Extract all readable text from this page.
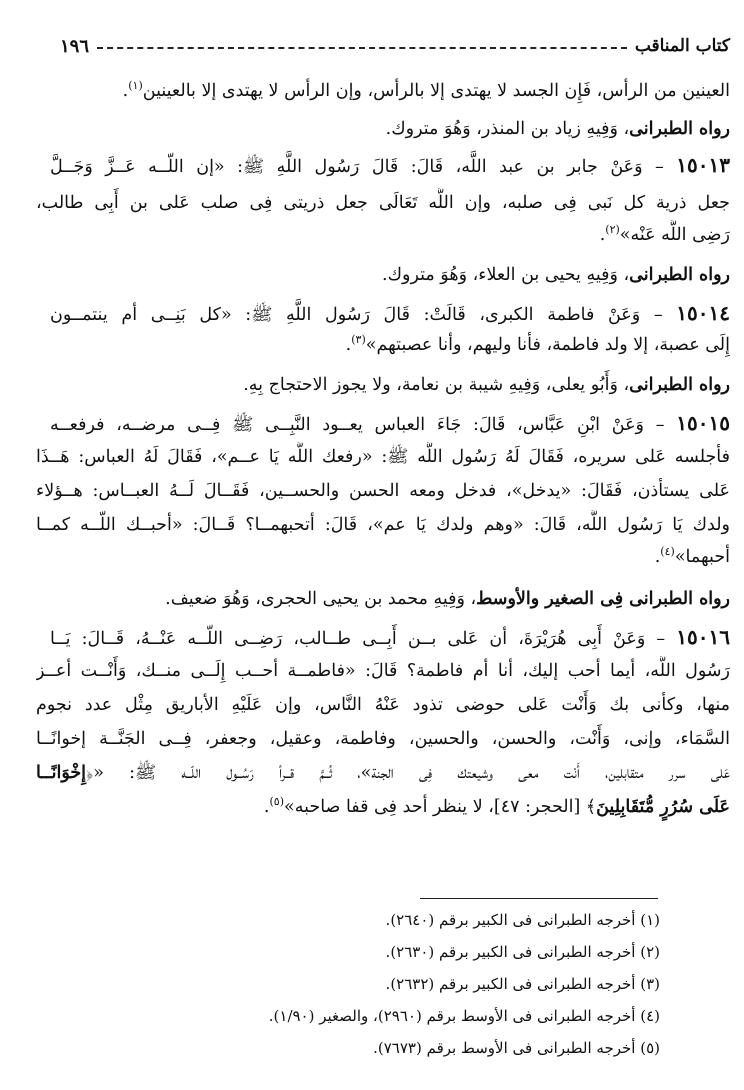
كتاب المناقب
١٩٦
العينين من الرأس، فَإِن الجسد لا يهتدى إلا بالرأس، وإن الرأس لا يهتدى إلا بالعينين$^{(١)}$.
رواه الطبرانى، وَفِيهِ زياد بن المنذر، وَهُوَ متروك.
١٥٠١٣ – وَعَنْ جابر بن عبد اللَّه، قَالَ: قَالَ رَسُول اللَّهِ ﷺ: «إن اللّــه عَــزَّ وَجَــلَّ
جعل ذرية كل نَبى فِى صلبه، وإن اللَّه تَعَالَى جعل ذريتى فِى صلب عَلى بن أَبِى طالب،
رَضِى اللَّه عَنْه»$^{(٢)}$.
رواه الطبرانى، وَفِيهِ يحيى بن العلاء، وَهُوَ متروك.
١٥٠١٤ – وَعَنْ فاطمة الكبرى، قَالَتْ: قَالَ رَسُول اللَّهِ ﷺ: «كل بَنِــى أم ينتمــون
إِلَى عصبة، إلا ولد فاطمة، فأنا وليهم، وأنا عصبتهم»$^{(٣)}$.
رواه الطبرانى، وَأَبُو يعلى، وَفِيهِ شيبة بن نعامة، ولا يجوز الاحتجاج بِهِ.
١٥٠١٥ – وَعَنْ ابْنِ عَبَّاس، قَالَ: جَاءَ العباس يعــود النَّبِــى ﷺ فِــى مرضــه، فرفعــه
فأجلسه عَلى سريره، فَقَالَ لَهُ رَسُول اللَّه ﷺ: «رفعك اللَّه يَا عــم»، فَقَالَ لَهُ العباس: هَــذَا
عَلى يستأذن، فَقَالَ: «يدخل»، فدخل ومعه الحسن والحســين، فَقَــالَ لَــهُ العبــاس: هــؤلاء
ولدك يَا رَسُول اللَّه، قَالَ: «وهم ولدك يَا عم»، قَالَ: أتحبهمــا؟ قَــالَ: «أحبــك اللّــه كمــا
أحبهما»$^{(٤)}$.
رواه الطبرانى فِى الصغير والأوسط، وَفِيهِ محمد بن يحيى الحجرى، وَهُوَ ضعيف.
١٥٠١٦ – وَعَنْ أَبِى هُرَيْرَةَ، أن عَلى بــن أَبِــى طــالب، رَضِــى اللّــه عَنْــهُ، قَــالَ: يَــا
رَسُول اللَّه، أيما أحب إليك، أنا أم فاطمة؟ قَالَ: «فاطمــة أحــب إِلَــى منــك، وَأَنْــت أعــز
منها، وكأنى بك وَأَنْت عَلى حوضى تذود عَنْهُ النَّاس، وإن عَلَيْهِ الأباريق مِثْل عدد نجوم
السَّمَاء، وإنى، وَأَنْت، والحسن، والحسين، وفاطمة، وعقيل، وجعفر، فِــى الجَنَّــة إخوانًــا
عَلى سرر متقابلين، أَنْت معى وشيعتك فِى الجنة»، ثُــمَّ قــرأ رَسُــول اللّــه ﷺ: «﴿إِخْوَانًــا
عَلَى سُرُرٍ مُّتَقَابِلِينَ﴾ [الحجر: ٤٧]، لا ينظر أحد فِى قفا صاحبه»$^{(٥)}$.
(١) أخرجه الطبرانى فى الكبير برقم (٢٦٤٠).
(٢) أخرجه الطبرانى فى الكبير برقم (٢٦٣٠).
(٣) أخرجه الطبرانى فى الكبير برقم (٢٦٣٢).
(٤) أخرجه الطبرانى فى الأوسط برقم (٢٩٦٠)، والصغير (١/٩٠).
(٥) أخرجه الطبرانى فى الأوسط برقم (٧٦٧٣).
